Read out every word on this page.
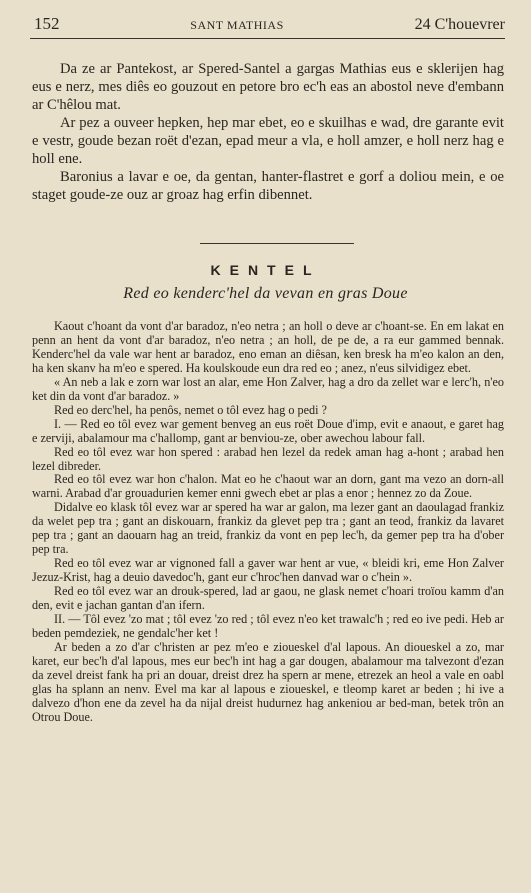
152	SANT MATHIAS	24 C'houevrer

Da ze ar Pantekost, ar Spered-Santel a gargas Mathias eus e sklerijen hag eus e nerz, mes diês eo gouzout en petore bro ec'h eas an abostol neve d'embann ar C'hêlou mat.

Ar pez a ouveer hepken, hep mar ebet, eo e skuilhas e wad, dre garante evit e vestr, goude bezan roët d'ezan, epad meur a vla, e holl amzer, e holl nerz hag e holl ene.

Baronius a lavar e oe, da gentan, hanter-flastret e gorf a doliou mein, e oe staget goude-ze ouz ar groaz hag erfin dibennet.

KENTEL
Red eo kenderc'hel da vevan en gras Doue

Kaout c'hoant da vont d'ar baradoz, n'eo netra ; an holl o deve ar c'hoant-se. En em lakat en penn an hent da vont d'ar baradoz, n'eo netra ; an holl, de pe de, a ra eur gammed bennak. Kenderc'hel da vale war hent ar baradoz, eno eman an diêsan, ken bresk ha m'eo kalon an den, ha ken skanv ha m'eo e spered. Ha koulskoude eun dra red eo ; anez, n'eus silvidigez ebet.

« An neb a lak e zorn war lost an alar, eme Hon Zalver, hag a dro da zellet war e lerc'h, n'eo ket din da vont d'ar baradoz. »

Red eo derc'hel, ha penôs, nemet o tôl evez hag o pedi ?

I. — Red eo tôl evez war gement benveg an eus roët Doue d'imp, evit e anaout, e garet hag e zerviji, abalamour ma c'hallomp, gant ar benviou-ze, ober awechou labour fall.

Red eo tôl evez war hon spered : arabad hen lezel da redek aman hag a-hont ; arabad hen lezel dibreder.

Red eo tôl evez war hon c'halon. Mat eo he c'haout war an dorn, gant ma vezo an dorn-all warni. Arabad d'ar grouadurien kemer enni gwech ebet ar plas a enor ; hennez zo da Zoue.

Didalve eo klask tôl evez war ar spered ha war ar galon, ma lezer gant an daoulagad frankiz da welet pep tra ; gant an diskouarn, frankiz da glevet pep tra ; gant an teod, frankiz da lavaret pep tra ; gant an daouarn hag an treid, frankiz da vont en pep lec'h, da gemer pep tra ha d'ober pep tra.

Red eo tôl evez war ar vignoned fall a gaver war hent ar vue, « bleidi kri, eme Hon Zalver Jezuz-Krist, hag a deuio davedoc'h, gant eur c'hroc'hen danvad war o c'hein ».

Red eo tôl evez war an drouk-spered, lad ar gaou, ne glask nemet c'hoari troïou kamm d'an den, evit e jachan gantan d'an ifern.

II. — Tôl evez 'zo mat ; tôl evez 'zo red ; tôl evez n'eo ket trawalc'h ; red eo ive pedi. Heb ar beden pemdeziek, ne gendalc'her ket !

Ar beden a zo d'ar c'hristen ar pez m'eo e zioueskel d'al lapous. An dioueskel a zo, mar karet, eur bec'h d'al lapous, mes eur bec'h int hag a gar dougen, abalamour ma talvezont d'ezan da zevel dreist fank ha pri an douar, dreist drez ha spern ar mene, etrezek an heol a vale en oabl glas ha splann an nenv. Evel ma kar al lapous e zioueskel, e tleomp karet ar beden ; hi ive a dalvezo d'hon ene da zevel ha da nijal dreist hudurnez hag ankeniou ar bed-man, betek trôn an Otrou Doue.
